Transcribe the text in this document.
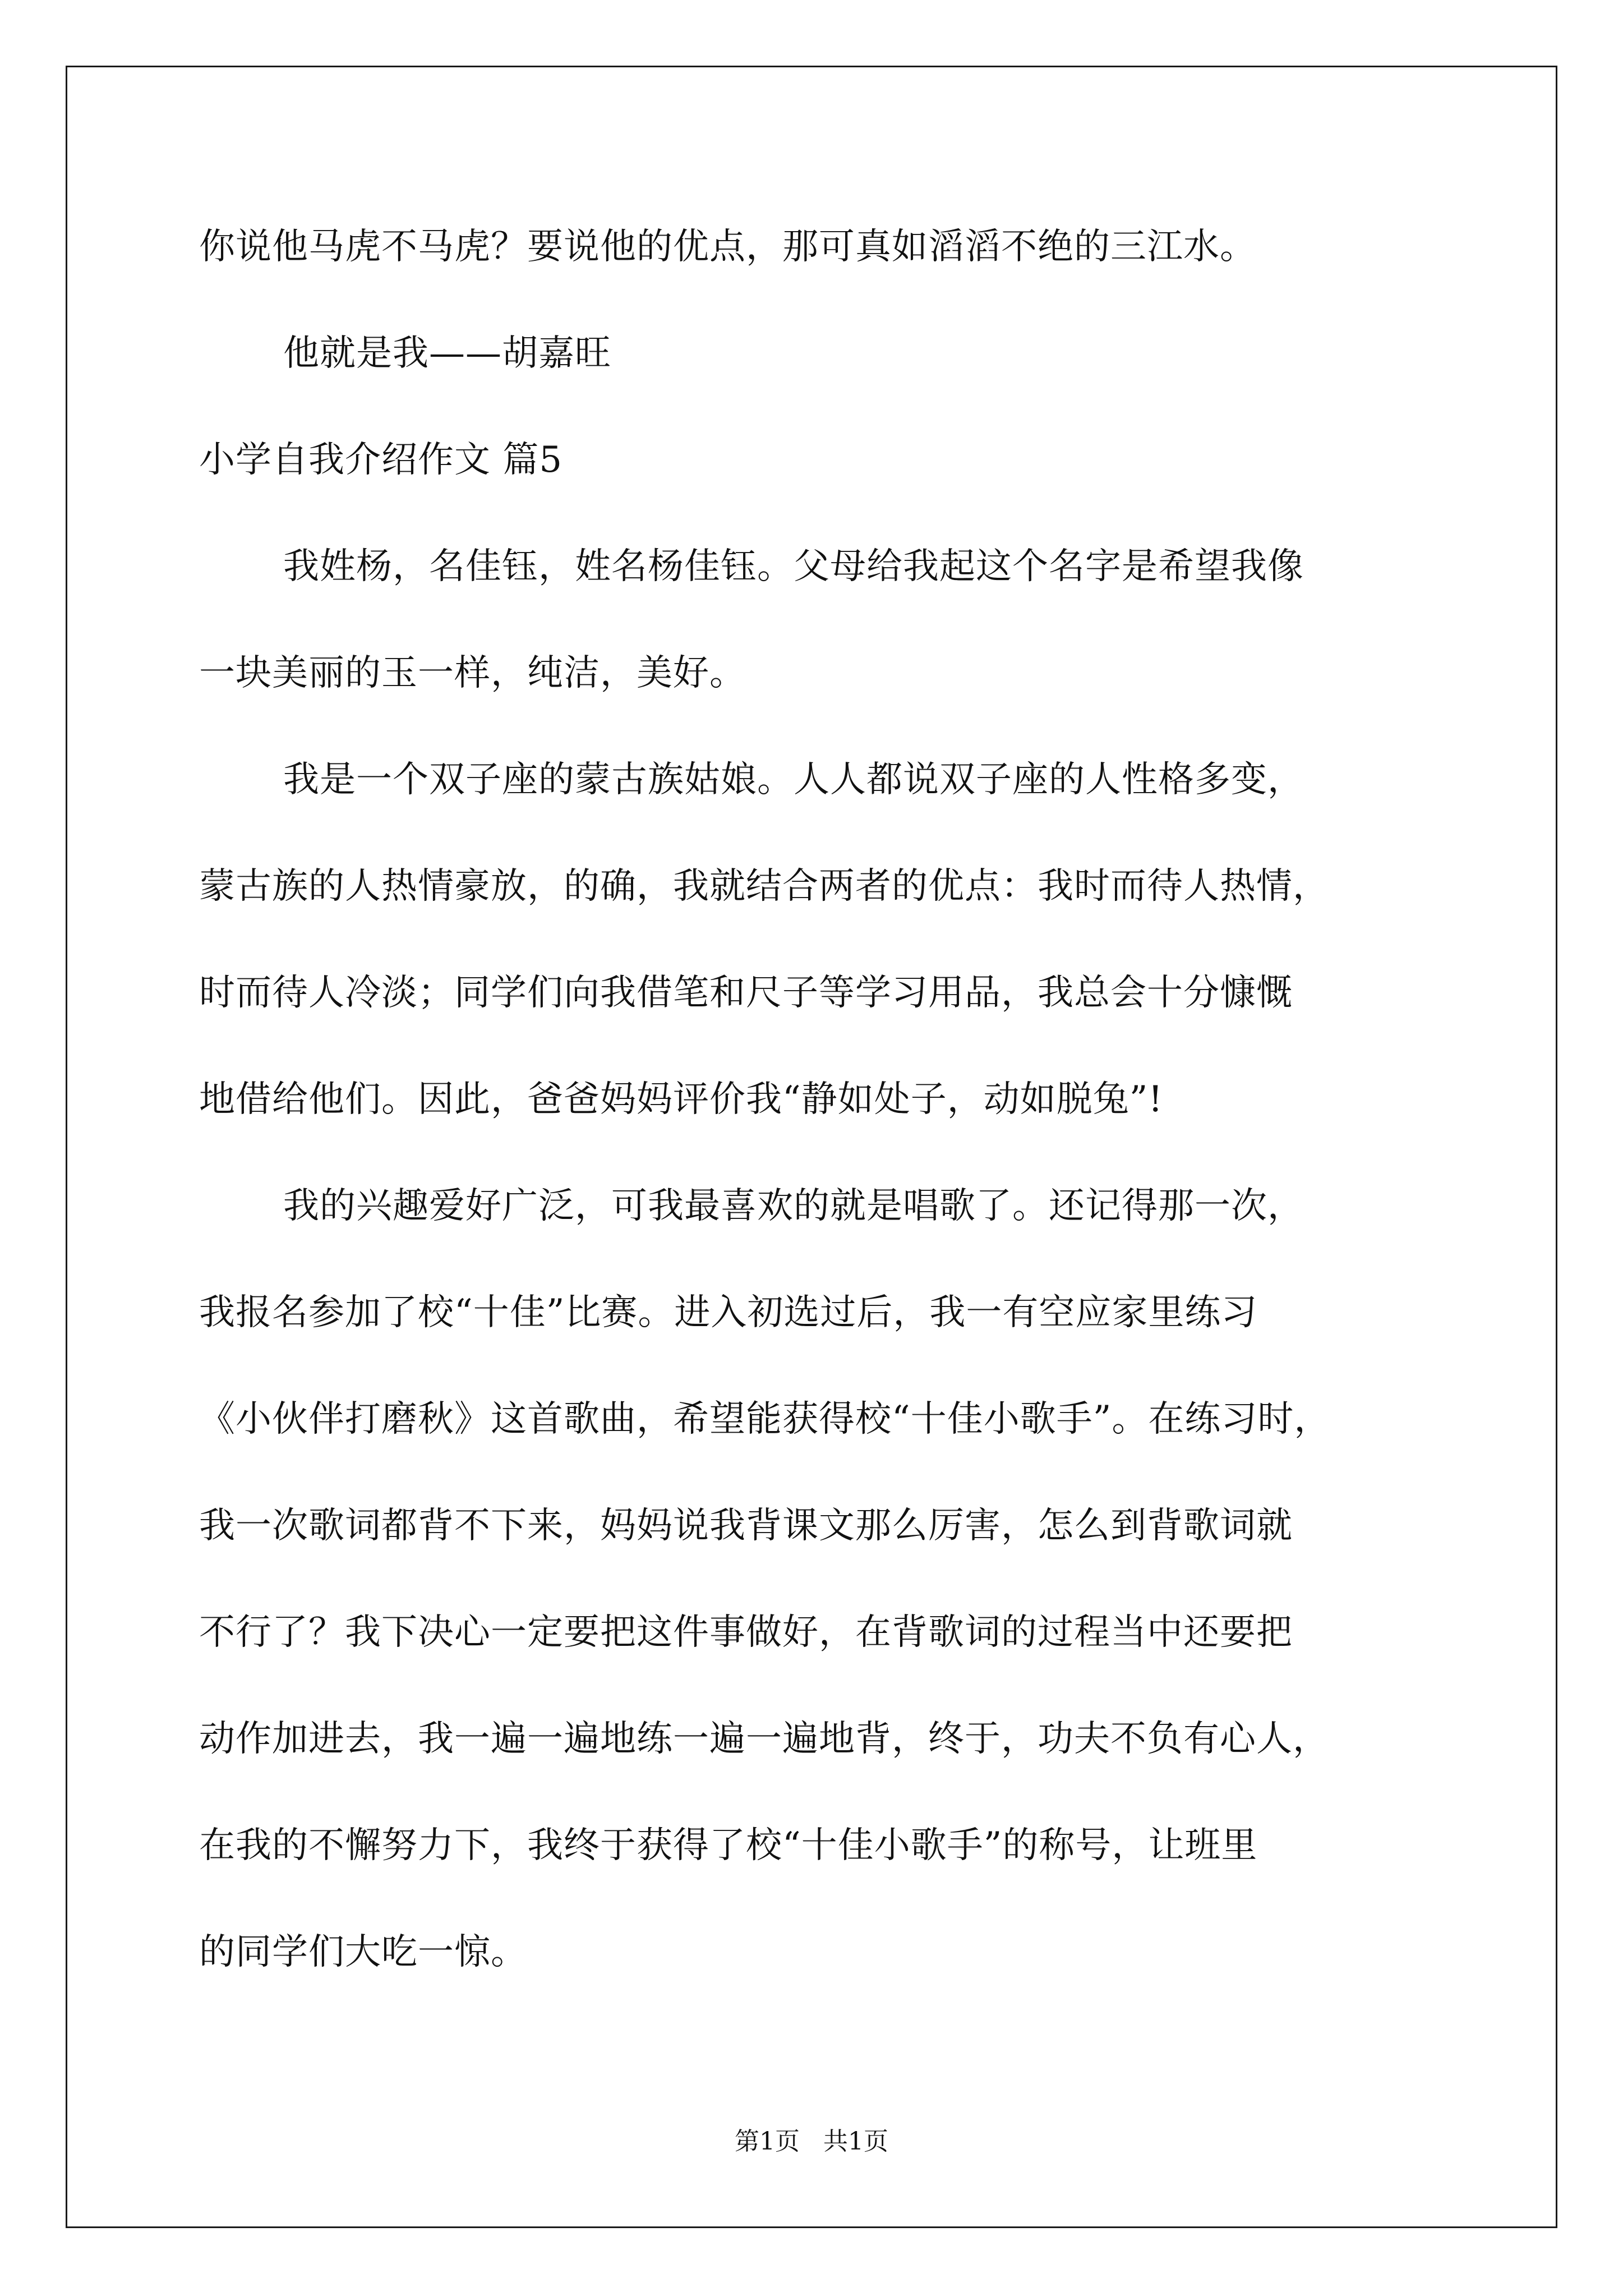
你说他马虎不马虎？要说他的优点，那可真如滔滔不绝的三江水。
他就是我——胡嘉旺
小学自我介绍作文 篇5
我姓杨，名佳钰，姓名杨佳钰。父母给我起这个名字是希望我像
一块美丽的玉一样，纯洁，美好。
我是一个双子座的蒙古族姑娘。人人都说双子座的人性格多变，
蒙古族的人热情豪放，的确，我就结合两者的优点：我时而待人热情，
时而待人冷淡；同学们向我借笔和尺子等学习用品，我总会十分慷慨
地借给他们。因此，爸爸妈妈评价我“静如处子，动如脱兔”!
我的兴趣爱好广泛，可我最喜欢的就是唱歌了。还记得那一次，
我报名参加了校“十佳”比赛。进入初选过后，我一有空应家里练习
《小伙伴打磨秋》这首歌曲，希望能获得校“十佳小歌手”。在练习时，
我一次歌词都背不下来，妈妈说我背课文那么厉害，怎么到背歌词就
不行了？我下决心一定要把这件事做好，在背歌词的过程当中还要把
动作加进去，我一遍一遍地练一遍一遍地背，终于，功夫不负有心人，
在我的不懈努力下，我终于获得了校“十佳小歌手”的称号，让班里
的同学们大吃一惊。
第1页   共1页
